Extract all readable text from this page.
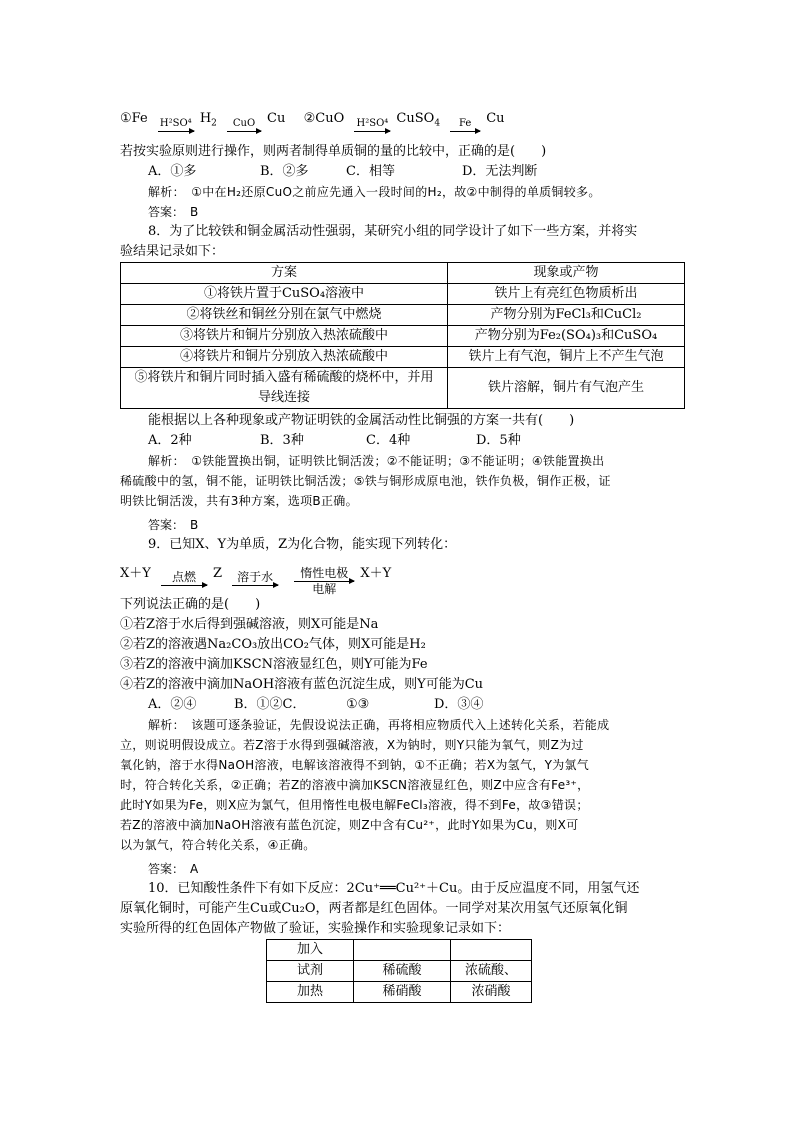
①Fe H²SO⁴ $H_2$	CuO Cu ②CuO H²SO⁴ CuSO$_4$	Fe	Cu
若按实验原则进行操作，则两者制得单质铜的量的比较中，正确的是(　　)
A．①多	B．②多	C．相等	D．无法判断
解析：　①中在H₂还原CuO之前应先通入一段时间的H₂，故②中制得的单质铜较多。
答案：　B
8．为了比较铁和铜金属活动性强弱，某研究小组的同学设计了如下一些方案，并将实
验结果记录如下：
方案	现象或产物
①将铁片置于CuSO₄溶液中	铁片上有亮红色物质析出
②将铁丝和铜丝分别在氯气中燃烧	产物分别为FeCl₃和CuCl₂
③将铁片和铜片分别放入热浓硫酸中	产物分别为Fe₂(SO₄)₃和CuSO₄
④将铁片和铜片分别放入热浓硫酸中	铁片上有气泡，铜片上不产生气泡
⑤将铁片和铜片同时插入盛有稀硫酸的烧杯中，并用导线连接	铁片溶解，铜片有气泡产生
能根据以上各种现象或产物证明铁的金属活动性比铜强的方案一共有(　　)
A．2种	B．3种	C．4种	D．5种
解析：　①铁能置换出铜，证明铁比铜活泼；②不能证明；③不能证明；④铁能置换出
稀硫酸中的氢，铜不能，证明铁比铜活泼；⑤铁与铜形成原电池，铁作负极，铜作正极，证
明铁比铜活泼，共有3种方案，选项B正确。
答案：　B
9．已知X、Y为单质，Z为化合物，能实现下列转化：
X＋Y	点燃	Z	溶于水
	惰性电极
电解
X＋Y
下列说法正确的是(　　)
①若Z溶于水后得到强碱溶液，则X可能是Na
②若Z的溶液遇Na₂CO₃放出CO₂气体，则X可能是H₂
③若Z的溶液中滴加KSCN溶液显红色，则Y可能为Fe
④若Z的溶液中滴加NaOH溶液有蓝色沉淀生成，则Y可能为Cu
A．②④	B．①②C．	①③	D．③④
解析：　该题可逐条验证，先假设说法正确，再将相应物质代入上述转化关系，若能成
立，则说明假设成立。若Z溶于水得到强碱溶液，X为钠时，则Y只能为氧气，则Z为过
氧化钠，溶于水得NaOH溶液，电解该溶液得不到钠，①不正确；若X为氢气，Y为氯气
时，符合转化关系，②正确；若Z的溶液中滴加KSCN溶液显红色，则Z中应含有Fe³⁺，
此时Y如果为Fe，则X应为氯气，但用惰性电极电解FeCl₃溶液，得不到Fe，故③错误；
若Z的溶液中滴加NaOH溶液有蓝色沉淀，则Z中含有Cu²⁺，此时Y如果为Cu，则X可
以为氯气，符合转化关系，④正确。
答案：　A
10．已知酸性条件下有如下反应：2Cu⁺══Cu²⁺＋Cu。由于反应温度不同，用氢气还
原氧化铜时，可能产生Cu或Cu₂O，两者都是红色固体。一同学对某次用氢气还原氧化铜
实验所得的红色固体产物做了验证，实验操作和实验现象记录如下：
加入		
试剂	稀硫酸	浓硫酸、
加热	稀硝酸	浓硝酸
